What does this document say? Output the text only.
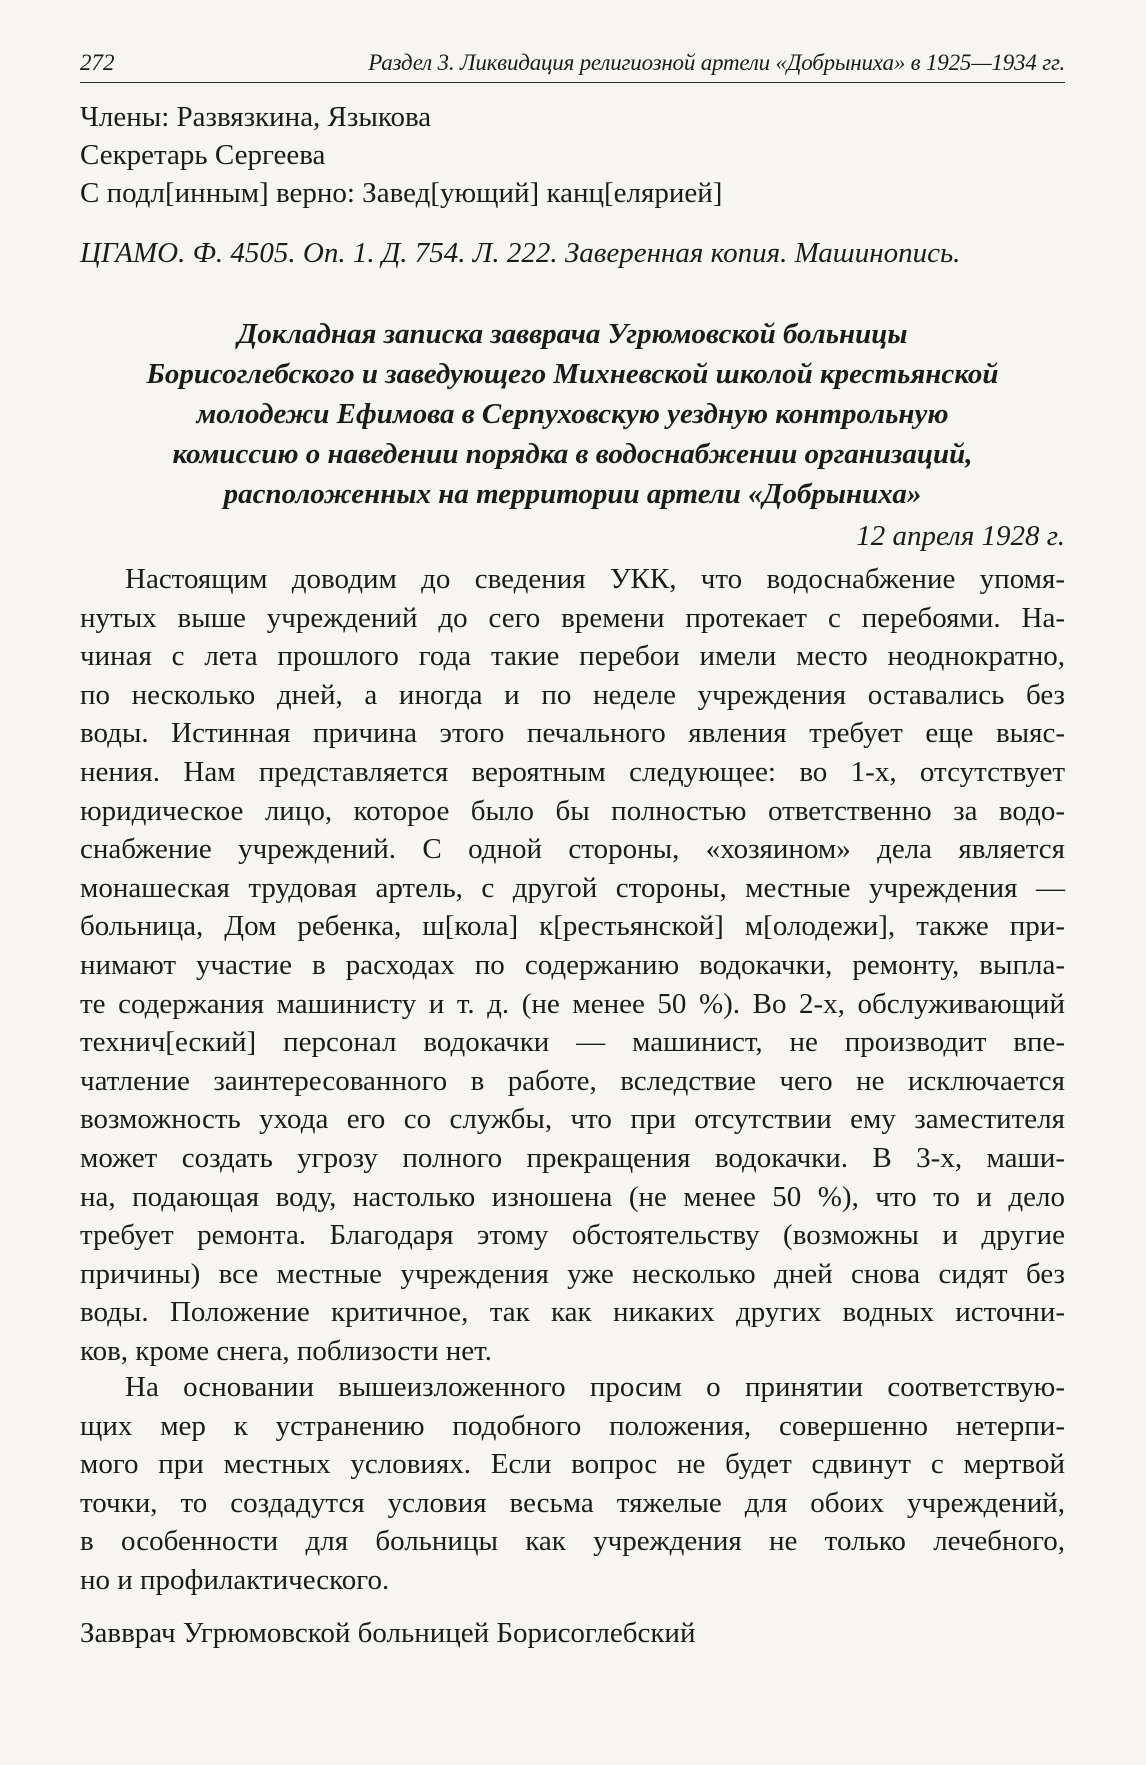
272	Раздел 3. Ликвидация религиозной артели «Добрыниха» в 1925—1934 гг.
Члены: Развязкина, Языкова
Секретарь Сергеева
С подл[инным] верно: Завед[ующий] канц[елярией]
ЦГАМО. Ф. 4505. Оп. 1. Д. 754. Л. 222. Заверенная копия. Машинопись.
Докладная записка завврача Угрюмовской больницы
Борисоглебского и заведующего Михневской школой крестьянской
молодежи Ефимова в Серпуховскую уездную контрольную
комиссию о наведении порядка в водоснабжении организаций,
расположенных на территории артели «Добрыниха»
12 апреля 1928 г.
Настоящим доводим до сведения УКК, что водоснабжение упомя-
нутых выше учреждений до сего времени протекает с перебоями. На-
чиная с лета прошлого года такие перебои имели место неоднократно,
по несколько дней, а иногда и по неделе учреждения оставались без
воды. Истинная причина этого печального явления требует еще выяс-
нения. Нам представляется вероятным следующее: во 1-х, отсутствует
юридическое лицо, которое было бы полностью ответственно за водо-
снабжение учреждений. С одной стороны, «хозяином» дела является
монашеская трудовая артель, с другой стороны, местные учреждения —
больница, Дом ребенка, ш[кола] к[рестьянской] м[олодежи], также при-
нимают участие в расходах по содержанию водокачки, ремонту, выпла-
те содержания машинисту и т. д. (не менее 50 %). Во 2-х, обслуживающий
технич[еский] персонал водокачки — машинист, не производит впе-
чатление заинтересованного в работе, вследствие чего не исключается
возможность ухода его со службы, что при отсутствии ему заместителя
может создать угрозу полного прекращения водокачки. В 3-х, маши-
на, подающая воду, настолько изношена (не менее 50 %), что то и дело
требует ремонта. Благодаря этому обстоятельству (возможны и другие
причины) все местные учреждения уже несколько дней снова сидят без
воды. Положение критичное, так как никаких других водных источни-
ков, кроме снега, поблизости нет.
На основании вышеизложенного просим о принятии соответствую-
щих мер к устранению подобного положения, совершенно нетерпи-
мого при местных условиях. Если вопрос не будет сдвинут с мертвой
точки, то создадутся условия весьма тяжелые для обоих учреждений,
в особенности для больницы как учреждения не только лечебного,
но и профилактического.
Завврач Угрюмовской больницей Борисоглебский
